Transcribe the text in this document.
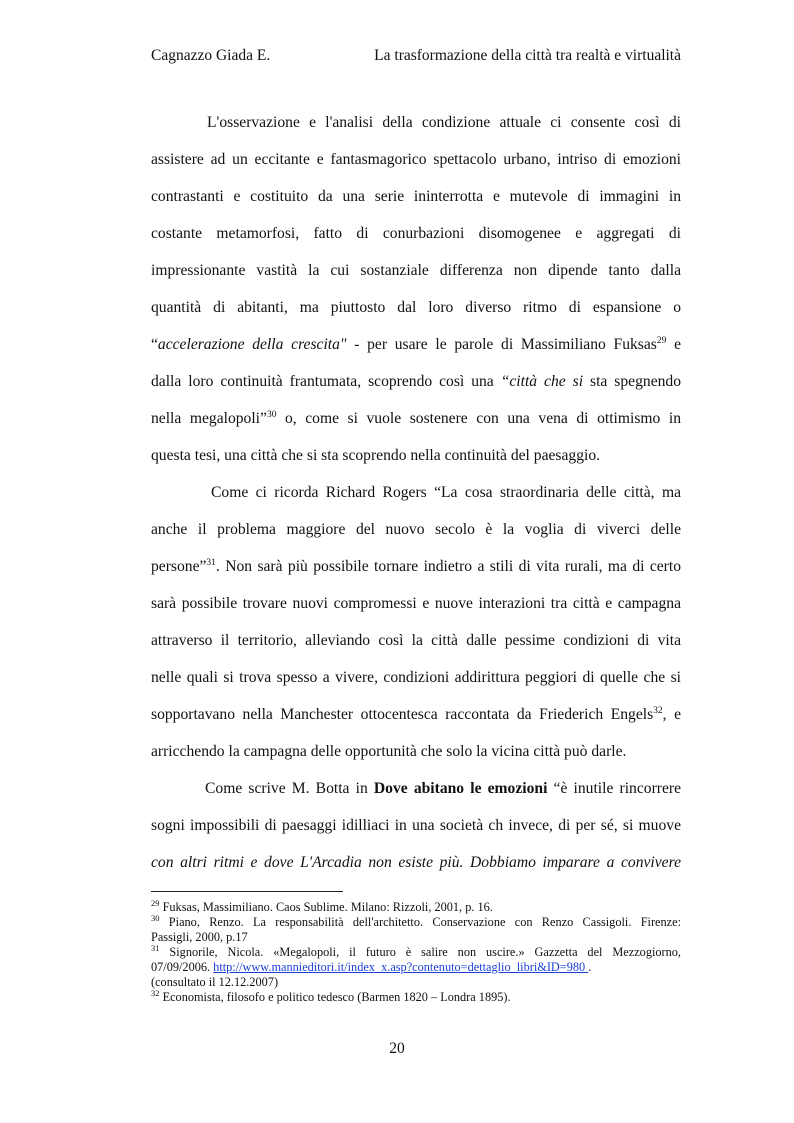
Cagnazzo Giada E.	La trasformazione della città tra realtà e virtualità
L'osservazione e l'analisi della condizione attuale ci consente così di
assistere ad un eccitante e fantasmagorico spettacolo urbano, intriso di emozioni
contrastanti e costituito da una serie ininterrotta e mutevole di immagini in
costante metamorfosi, fatto di conurbazioni disomogenee e aggregati di
impressionante vastità la cui sostanziale differenza non dipende tanto dalla
quantità di abitanti, ma piuttosto dal loro diverso ritmo di espansione o
“accelerazione della crescita" - per usare le parole di Massimiliano Fuksas$^{29}$ e
dalla loro continuità frantumata, scoprendo così una “città che si sta spegnendo
nella megalopoli”$^{30}$ o, come si vuole sostenere con una vena di ottimismo in
questa tesi, una città che si sta scoprendo nella continuità del paesaggio.
Come ci ricorda Richard Rogers “La cosa straordinaria delle città, ma
anche il problema maggiore del nuovo secolo è la voglia di viverci delle
persone”$^{31}$. Non sarà più possibile tornare indietro a stili di vita rurali, ma di certo
sarà possibile trovare nuovi compromessi e nuove interazioni tra città e campagna
attraverso il territorio, alleviando così la città dalle pessime condizioni di vita
nelle quali si trova spesso a vivere, condizioni addirittura peggiori di quelle che si
sopportavano nella Manchester ottocentesca raccontata da Friederich Engels$^{32}$, e
arricchendo la campagna delle opportunità che solo la vicina città può darle.
Come scrive M. Botta in Dove abitano le emozioni “è inutile rincorrere
sogni impossibili di paesaggi idilliaci in una società ch invece, di per sé, si muove
con altri ritmi e dove L'Arcadia non esiste più. Dobbiamo imparare a convivere
$^{29}$ Fuksas, Massimiliano. Caos Sublime. Milano: Rizzoli, 2001, p. 16.
$^{30}$ Piano, Renzo. La responsabilità dell'architetto. Conservazione con Renzo Cassigoli. Firenze:
Passigli, 2000, p.17
$^{31}$ Signorile, Nicola. «Megalopoli, il futuro è salire non uscire.» Gazzetta del Mezzogiorno,
07/09/2006. http://www.mannieditori.it/index_x.asp?contenuto=dettaglio_libri&ID=980 .
(consultato il 12.12.2007)
$^{32}$ Economista, filosofo e politico tedesco (Barmen 1820 – Londra 1895).
20
